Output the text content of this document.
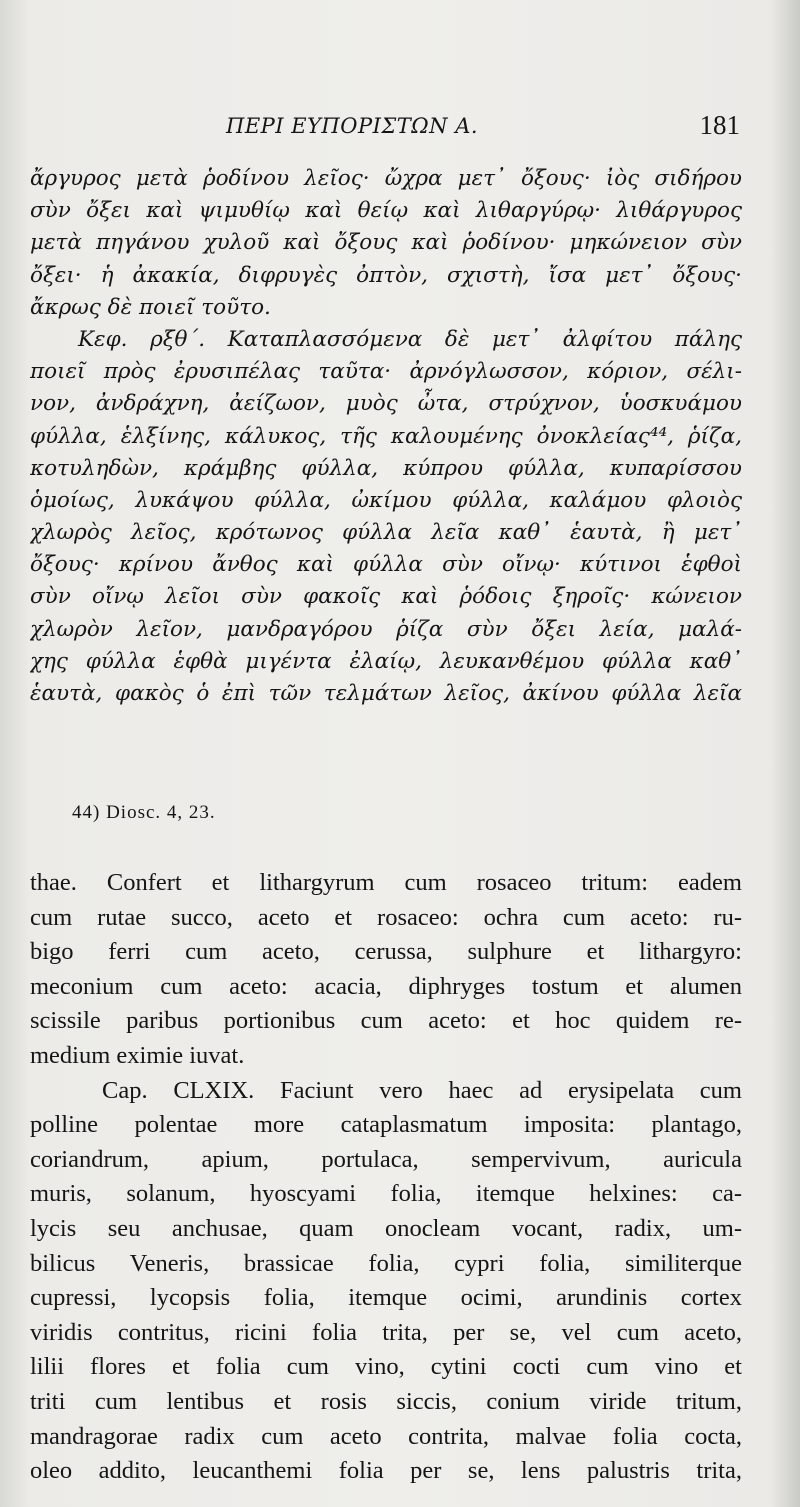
ΠΕΡΙ ΕΥΠΟΡΙΣΤΩΝ Α.	181
ἄργυρος μετὰ ῥοδίνου λεῖος· ὤχρα μετ᾽ ὄξους· ἰὸς σιδήρου
σὺν ὄξει καὶ ψιμυθίῳ καὶ θείῳ καὶ λιθαργύρῳ· λιθάργυρος
μετὰ πηγάνου χυλοῦ καὶ ὄξους καὶ ῥοδίνου· μηκώνειον σὺν
ὄξει· ἡ ἀκακία, διφρυγὲς ὀπτὸν, σχιστὴ, ἴσα μετ᾽ ὄξους·
ἄκρως δὲ ποιεῖ τοῦτο.
Κεφ. ρξθ΄. Καταπλασσόμενα δὲ μετ᾽ ἀλφίτου πάλης
ποιεῖ πρὸς ἐρυσιπέλας ταῦτα· ἀρνόγλωσσον, κόριον, σέλι-
νον, ἀνδράχνη, ἀείζωον, μυὸς ὦτα, στρύχνον, ὑοσκυάμου
φύλλα, ἑλξίνης, κάλυκος, τῆς καλουμένης ὀνοκλείας⁴⁴, ῥίζα,
κοτυληδὼν, κράμβης φύλλα, κύπρου φύλλα, κυπαρίσσου
ὁμοίως, λυκάψου φύλλα, ὠκίμου φύλλα, καλάμου φλοιὸς
χλωρὸς λεῖος, κρότωνος φύλλα λεῖα καθ᾽ ἑαυτὰ, ἢ μετ᾽
ὄξους· κρίνου ἄνθος καὶ φύλλα σὺν οἴνῳ· κύτινοι ἑφθοὶ
σὺν οἴνῳ λεῖοι σὺν φακοῖς καὶ ῥόδοις ξηροῖς· κώνειον
χλωρὸν λεῖον, μανδραγόρου ῥίζα σὺν ὄξει λεία, μαλά-
χης φύλλα ἑφθὰ μιγέντα ἐλαίῳ, λευκανθέμου φύλλα καθ᾽
ἑαυτὰ, φακὸς ὁ ἐπὶ τῶν τελμάτων λεῖος, ἀκίνου φύλλα λεῖα
44) Diosc. 4, 23.
thae. Confert et lithargyrum cum rosaceo tritum: eadem
cum rutae succo, aceto et rosaceo: ochra cum aceto: ru-
bigo ferri cum aceto, cerussa, sulphure et lithargyro:
meconium cum aceto: acacia, diphryges tostum et alumen
scissile paribus portionibus cum aceto: et hoc quidem re-
medium eximie iuvat.
Cap. CLXIX. Faciunt vero haec ad erysipelata cum
polline polentae more cataplasmatum imposita: plantago,
coriandrum, apium, portulaca, sempervivum, auricula
muris, solanum, hyoscyami folia, itemque helxines: ca-
lycis seu anchusae, quam onocleam vocant, radix, um-
bilicus Veneris, brassicae folia, cypri folia, similiterque
cupressi, lycopsis folia, itemque ocimi, arundinis cortex
viridis contritus, ricini folia trita, per se, vel cum aceto,
lilii flores et folia cum vino, cytini cocti cum vino et
triti cum lentibus et rosis siccis, conium viride tritum,
mandragorae radix cum aceto contrita, malvae folia cocta,
oleo addito, leucanthemi folia per se, lens palustris trita,
